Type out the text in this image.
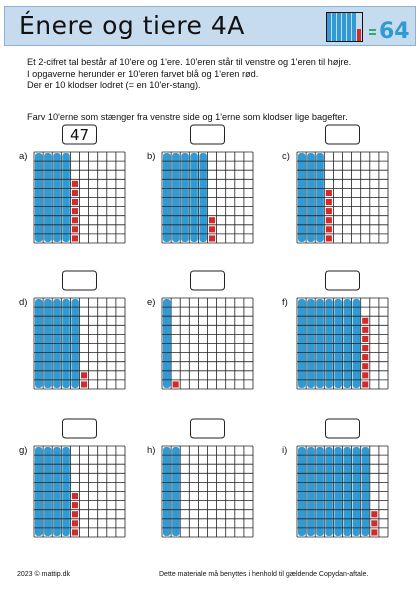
Énere og tiere 4A	64
Et 2-cifret tal består af 10'ere og 1'ere. 10'eren står til venstre og 1'eren til højre.
I opgaverne herunder er 10'eren farvet blå og 1'eren rød.
Der er 10 klodser lodret (= en 10'er-stang).
Farv 10'erne som stænger fra venstre side og 1'erne som klodser lige bagefter.
a)
47
b)	c)
d)	e)	f)
g)	h)	i)
2023 © mattip.dk	Dette materiale må benyttes i henhold til gældende Copydan-aftale.
